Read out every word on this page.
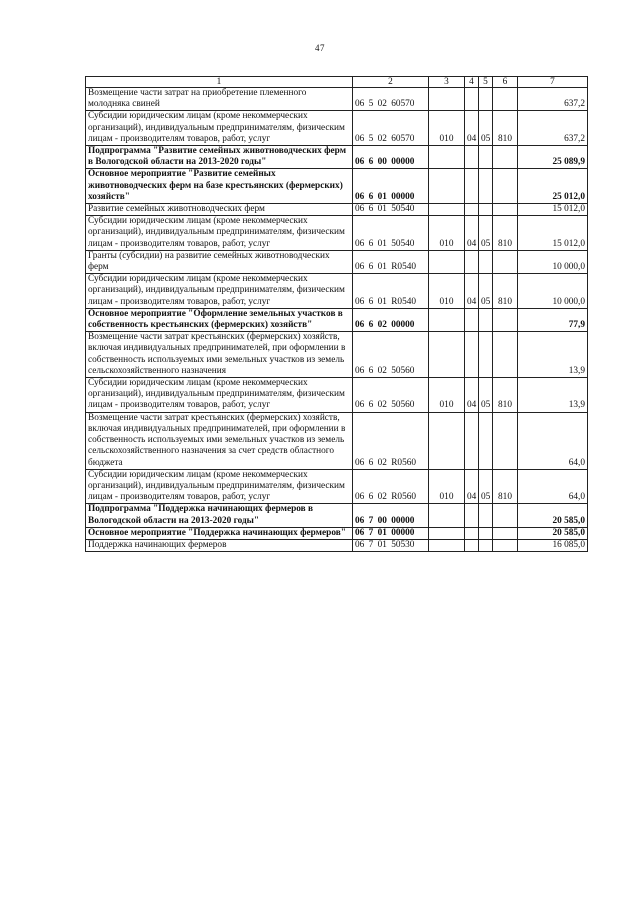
47
1	2	3	4	5	6	7
Возмещение части затрат на приобретение племенного молодняка свиней	06 5 02 60570					637,2
Субсидии юридическим лицам (кроме некоммерческих организаций), индивидуальным предпринимателям, физическим лицам - производителям товаров, работ, услуг	06 5 02 60570	010	04	05	810	637,2
Подпрограмма "Развитие семейных животноводческих ферм в Вологодской области на 2013-2020 годы"	06 6 00 00000					25 089,9
Основное мероприятие "Развитие семейных животноводческих ферм на базе крестьянских (фермерских) хозяйств"	06 6 01 00000					25 012,0
Развитие семейных животноводческих ферм	06 6 01 50540					15 012,0
Субсидии юридическим лицам (кроме некоммерческих организаций), индивидуальным предпринимателям, физическим лицам - производителям товаров, работ, услуг	06 6 01 50540	010	04	05	810	15 012,0
Гранты (субсидии) на развитие семейных животноводческих ферм	06 6 01 R0540					10 000,0
Субсидии юридическим лицам (кроме некоммерческих организаций), индивидуальным предпринимателям, физическим лицам - производителям товаров, работ, услуг	06 6 01 R0540	010	04	05	810	10 000,0
Основное мероприятие "Оформление земельных участков в собственность крестьянских (фермерских) хозяйств"	06 6 02 00000					77,9
Возмещение части затрат крестьянских (фермерских) хозяйств, включая индивидуальных предпринимателей, при оформлении в собственность используемых ими земельных участков из земель сельскохозяйственного назначения	06 6 02 50560					13,9
Субсидии юридическим лицам (кроме некоммерческих организаций), индивидуальным предпринимателям, физическим лицам - производителям товаров, работ, услуг	06 6 02 50560	010	04	05	810	13,9
Возмещение части затрат крестьянских (фермерских) хозяйств, включая индивидуальных предпринимателей, при оформлении в собственность используемых ими земельных участков из земель сельскохозяйственного назначения за счет средств областного бюджета	06 6 02 R0560					64,0
Субсидии юридическим лицам (кроме некоммерческих организаций), индивидуальным предпринимателям, физическим лицам - производителям товаров, работ, услуг	06 6 02 R0560	010	04	05	810	64,0
Подпрограмма "Поддержка начинающих фермеров в Вологодской области на 2013-2020 годы"	06 7 00 00000					20 585,0
Основное мероприятие "Поддержка начинающих фермеров"	06 7 01 00000					20 585,0
Поддержка начинающих фермеров	06 7 01 50530					16 085,0
